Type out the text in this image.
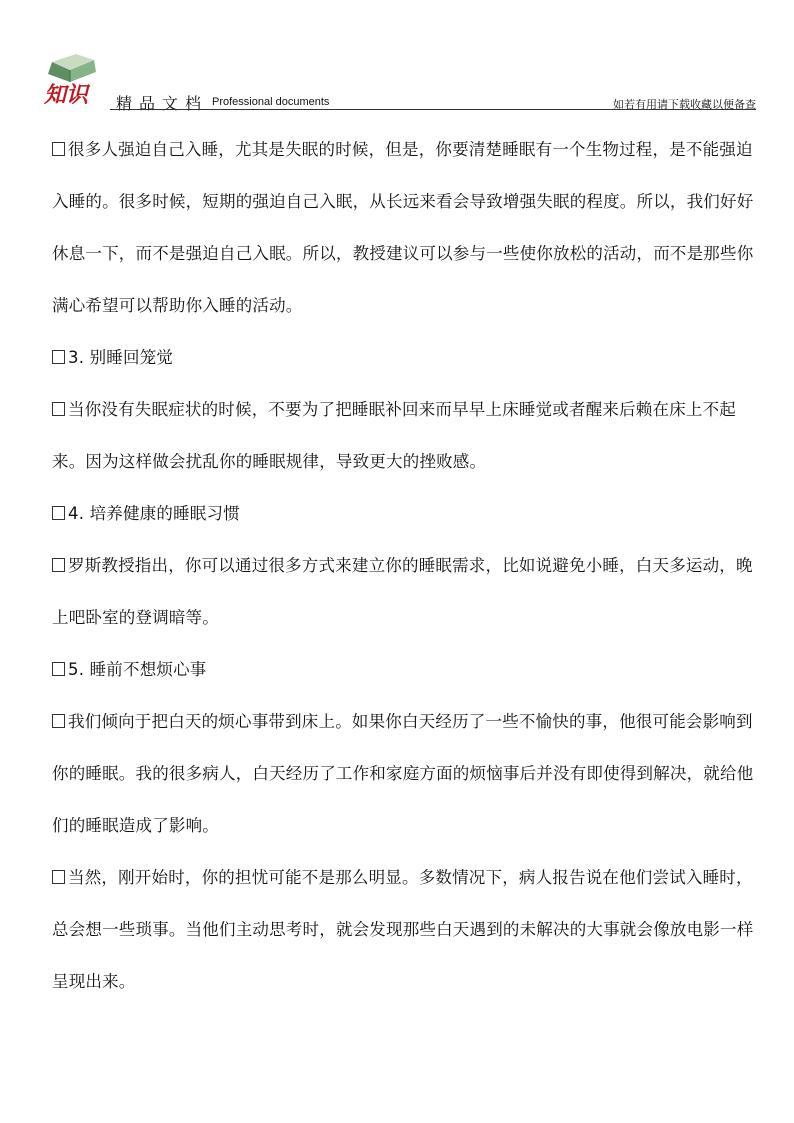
知识 精品文档 Professional documents	如若有用请下载收藏以便备查

很多人强迫自己入睡，尤其是失眠的时候，但是，你要清楚睡眠有一个生物过程，是不能强迫入睡的。很多时候，短期的强迫自己入眠，从长远来看会导致增强失眠的程度。所以，我们好好休息一下，而不是强迫自己入眠。所以，教授建议可以参与一些使你放松的活动，而不是那些你满心希望可以帮助你入睡的活动。

3. 别睡回笼觉

当你没有失眠症状的时候，不要为了把睡眠补回来而早早上床睡觉或者醒来后赖在床上不起来。因为这样做会扰乱你的睡眠规律，导致更大的挫败感。

4. 培养健康的睡眠习惯

罗斯教授指出，你可以通过很多方式来建立你的睡眠需求，比如说避免小睡，白天多运动，晚上吧卧室的登调暗等。

5. 睡前不想烦心事

我们倾向于把白天的烦心事带到床上。如果你白天经历了一些不愉快的事，他很可能会影响到你的睡眠。我的很多病人，白天经历了工作和家庭方面的烦恼事后并没有即使得到解决，就给他们的睡眠造成了影响。

当然，刚开始时，你的担忧可能不是那么明显。多数情况下，病人报告说在他们尝试入睡时，总会想一些琐事。当他们主动思考时，就会发现那些白天遇到的未解决的大事就会像放电影一样呈现出来。
